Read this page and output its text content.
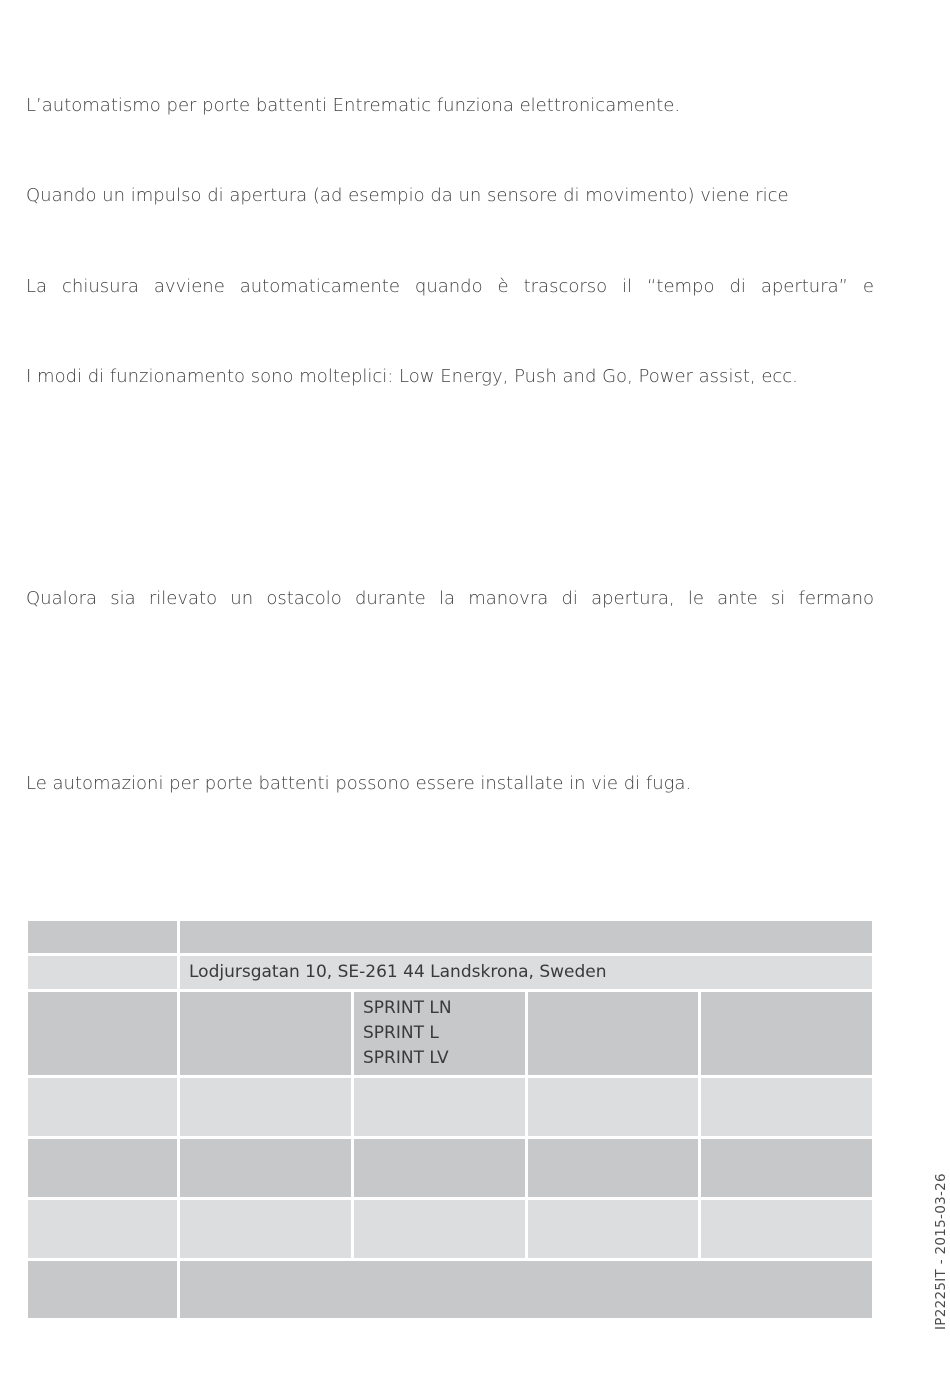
L’automatismo per porte battenti Entrematic funziona elettronicamente.
Quando un impulso di apertura (ad esempio da un sensore di movimento) viene rice
La chiusura avviene automaticamente quando è trascorso il “tempo di apertura” e
I modi di funzionamento sono molteplici: Low Energy, Push and Go, Power assist, ecc.
Qualora sia rilevato un ostacolo durante la manovra di apertura, le ante si fermano
Le automazioni per porte battenti possono essere installate in vie di fuga.
Lodjursgatan 10, SE-261 44 Landskrona, Sweden
SPRINT LN
SPRINT L
SPRINT LV
IP2225IT - 2015-03-26
